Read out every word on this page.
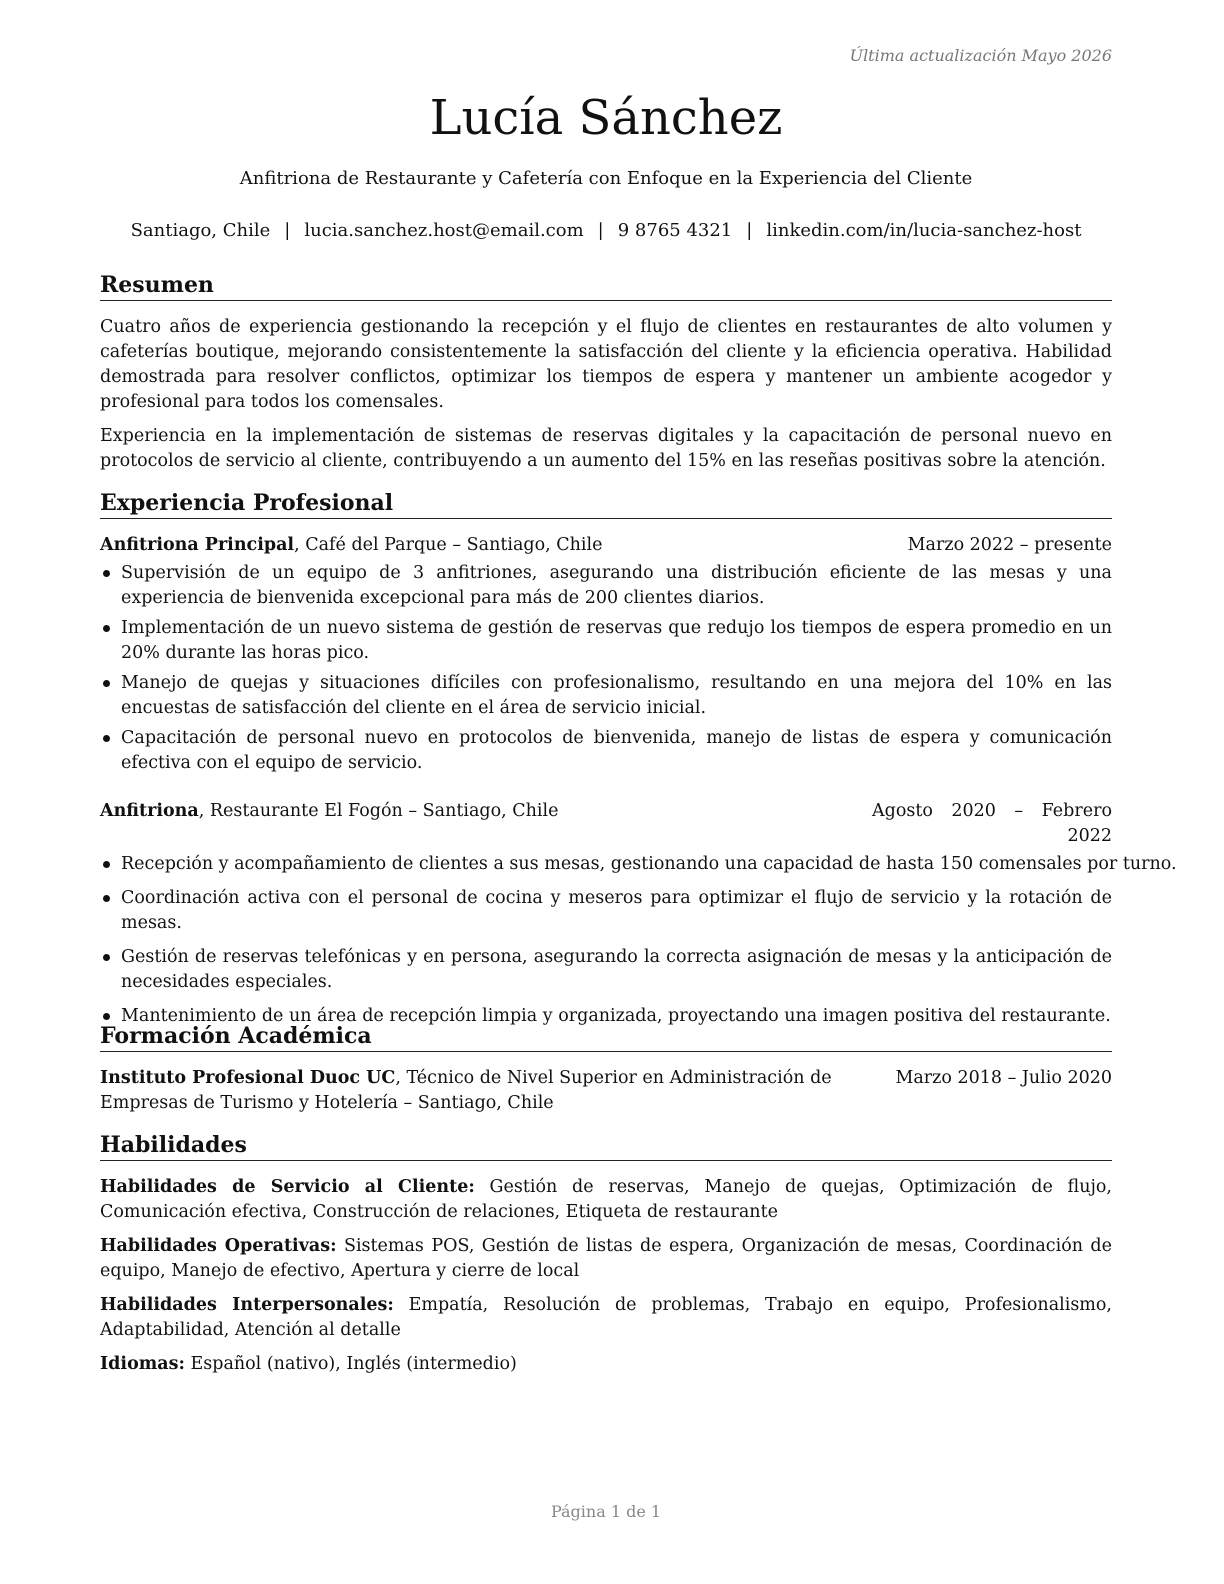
Última actualización Mayo 2026
Lucía Sánchez
Anfitriona de Restaurante y Cafetería con Enfoque en la Experiencia del Cliente
Santiago, Chile | lucia.sanchez.host@email.com | 9 8765 4321 | linkedin.com/in/lucia-sanchez-host
Resumen

Cuatro años de experiencia gestionando la recepción y el flujo de clientes en restaurantes de alto volumen y cafeterías boutique, mejorando consistentemente la satisfacción del cliente y la eficiencia operativa. Habilidad demostrada para resolver conflictos, optimizar los tiempos de espera y mantener un ambiente acogedor y profesional para todos los comensales.

Experiencia en la implementación de sistemas de reservas digitales y la capacitación de personal nuevo en protocolos de servicio al cliente, contribuyendo a un aumento del 15% en las reseñas positivas sobre la atención.

Experiencia Profesional
Anfitriona Principal, Café del Parque – Santiago, Chile	Marzo 2022 – presente
Supervisión de un equipo de 3 anfitriones, asegurando una distribución eficiente de las mesas y una experiencia de bienvenida excepcional para más de 200 clientes diarios.
Implementación de un nuevo sistema de gestión de reservas que redujo los tiempos de espera promedio en un 20% durante las horas pico.
Manejo de quejas y situaciones difíciles con profesionalismo, resultando en una mejora del 10% en las encuestas de satisfacción del cliente en el área de servicio inicial.
Capacitación de personal nuevo en protocolos de bienvenida, manejo de listas de espera y comunicación efectiva con el equipo de servicio.
Anfitriona, Restaurante El Fogón – Santiago, Chile	Agosto 2020 – Febrero 2022
Recepción y acompañamiento de clientes a sus mesas, gestionando una capacidad de hasta 150 comensales por turno.
Coordinación activa con el personal de cocina y meseros para optimizar el flujo de servicio y la rotación de mesas.
Gestión de reservas telefónicas y en persona, asegurando la correcta asignación de mesas y la anticipación de necesidades especiales.
Mantenimiento de un área de recepción limpia y organizada, proyectando una imagen positiva del restaurante.
Formación Académica
Instituto Profesional Duoc UC, Técnico de Nivel Superior en Administración de Empresas de Turismo y Hotelería – Santiago, Chile
Marzo 2018 – Julio 2020
Habilidades

Habilidades de Servicio al Cliente: Gestión de reservas, Manejo de quejas, Optimización de flujo, Comunicación efectiva, Construcción de relaciones, Etiqueta de restaurante

Habilidades Operativas: Sistemas POS, Gestión de listas de espera, Organización de mesas, Coordinación de equipo, Manejo de efectivo, Apertura y cierre de local

Habilidades Interpersonales: Empatía, Resolución de problemas, Trabajo en equipo, Profesionalismo, Adaptabilidad, Atención al detalle

Idiomas: Español (nativo), Inglés (intermedio)

Página 1 de 1
